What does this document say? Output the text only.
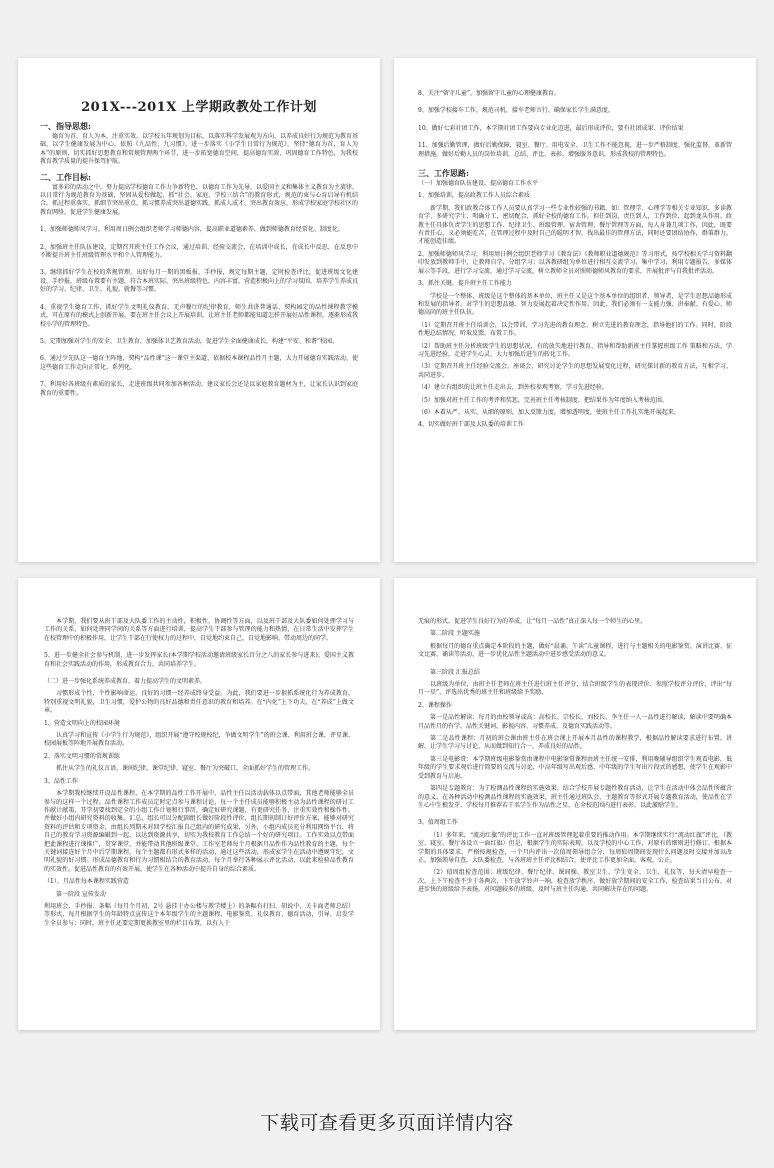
201X---201X 上学期政教处工作计划
一、指导思想:

德育为首，育人为本，注重实效。以学校五年规划为目标，以落实科学发展观为方向，以养成良好行为规范为教育基础，以学生健康发展为中心，依照《九品性、九习惯》，进一步落实《小学生日常行为规范》，坚持“德育为首，育人为本”的原则，切实抓好思想教育和常规管理两个环节，进一步拓宽德育空间，提高德育实效，巩固德育工作特色，为我校教育教学质量的提升保驾护航。

二、工作目标:

富多彩的活动之中，努力提高学校德育工作力争新特色，以德育工作为先导，以爱国主义和集体主义教育为主旋律，以日常行为规范教育为基础，坚固从爱校做起，抓“社会、家庭、学校三结合”的教育形式，规范的束与心育启导有机结合。抓过程重落实，抓细节突出重点，抓习惯养成突出道德实践，抓成人成才，突出教育效应，形成学校家庭学校社区的教育网络，促进学生健康发展。

1、加强师德师风学习，利用周日例会组织老师学习师德内容，提高职业道德素养，做到师德教育经常化、制度化。

2、加强班主任队伍建设，定期召开班主任工作会议，通过培训、经验交流会，在培训中成长，在成长中反思，在反思中不断提升班主任班级管理水平和个人管理能力。

3、继续抓好学生在校的常规管理。出好每月一期的黑板报、手抄报，规定每期主题，定时检查评比，促进班级文化建设，手抄报，班级布置要有主题，符合本班实际，突出班级特色，内容丰富，营造积极向上的学习氛围。培养学生养成良好的学习、纪律、卫生、礼貌、就餐等习惯。

4、重视学生德育工作，抓好学生文明礼仪教育、无声餐厅的纪律教育，师生共讲普通话，契构园定的品性课程教学模式，可在原有的模式上创新开展，要在班主任会议上开展培训，让班主任老师都能知道怎样开展好品性课程，逐渐形成我校小学的管理特色。

5、定期加强对学生的安全、卫生教育，加强体卫艺教育活动，促进学生全面健康成长，构建“平安、和谐”校园。

6、通过少先队这一德育主阵地，契构“品性课”这一课堂主渠道，依据校本课程品性月主题，大力开展德育实践活动，使这些德育工作走向正常化、系列化。

7、利用好各班级有素质的家长，走进班级共同参加各种活动，建议家长会还是以家庭教育题材为主，让家长认识到家庭教育的重要性。

8、关注“留守儿童”，加强留守儿童的心理健康教育。

9、加强学校接车工作，规范司机，接车老师言行，确保家长学生满意度。

10、做好七彩社团工作，本学期社团工作要向专业化迈进，最后形成评价，要有社团成果、评价结果

11、加强后勤管理，做好后勤保障，寝室、餐厅、用电安全、卫生工作不能忽视，进一步严格制度，强化监督，革新管理措施，做好后勤人员的岗位培训，总结、评比、表彰，增强服务意识，形成我校的管理特色。

三、工作思路:

（一）加强德育队伍建设，提高德育工作水平

1、加强培训，提高政教工作人员综合素质

新学期，我们政教合体工作人员要认真学习一些专业性较强的书籍，如：管理学、心理学等相关专业知识，多读教育学、多研究学生，明确分工，密切配合，抓好全校的德育工作。担任到岗，责任到人，工作到位，起到龙头作用。政教主任具体负责学生的思想工作、纪律卫生、班级管理、宿舍管理、餐厅管理等方面，每人身兼几项工作，因此，既要有责任心，又必须能吃苦，在管理过程中及时自己的聪明才智，找出最佳的管理方法，同时还要团结协作，群策群力，才能创造佳绩。

2、加强师德师风学习，利用周日例会组织老师学习《教育法》《教师职业道德规范》等习形式，按学校相关学习资料翻印发放到教师手中，让教师自学，分组学习；以各教研组为单位进行相互交流学习，集中学习，利用专题报告，多媒体展示等手段，进行学习交流，通过学习交流，树立教师全员对照师德师风教育的要求，开展批评与自我批评活动。

3、抓住关键，提升班主任工作能力

学校是一个整体，班级是这个整体的基本单位，班主任又是这个基本单位的组织者、领导者，是学生思想品德形成和发展的指导者。对学生的思想品德、智力发展起着决定性作用，因此，我们必须有一支能力强、讲奉献、有爱心、师德高尚的班主任队伍。

（1）定期召开班主任培训会，以会带训，学习先进的教育理念，树立先进的教育理念，指导他们的工作。同时，阶段性地总结情况，听取反馈，布置工作。

（2）帮助班主任分析班级学生的思想状况，有的放矢地进行教育，指导和帮助新班主任掌握班级工作 策略和方法，学习先进经验，走进学生心灵，大力加强后进生的转化工作。

（3）定期召开班主任经验交流会、座谈会，研究讨论学生的思想发展变化过程，研究探讨新的教育方法，互相学习，共同进步。

（4）建立有组织的让班主任走出去，到外校参观考察，学习先进经验。

（5）加强对班主任工作的考评和奖惩，完善班主任考核制度，把结果作为年度纳入考核范围。

（6）本着从严、从实、从细的原则，加大反馈力度，增加透明度，使班主任工作扎实地开展起来。

4、切实做好班干部及大队委的培训工作

本学期，我们要从班干部及大队委工作的主动性，积极性，协调性等方面，以及班干部及大队委如何处理学习与工作的关系，如何处理同学间的关系等方面进行培训，提高学生干部参与管理的能力和热情，在日常生活中发挥学生在校管理中的积极作用，让学生干部在行使权力的过程中，自觉地约束自己，自觉地影响、带动周边的同学。

5、进一步健全社会参与机制，进一步发挥家长(本学期学校活动邀请班级家长百分之八的家长参与进来)、爱国主义教育和社会实践活动的作用，形成教育合力，共同培养学生。

（二）进一步强化系统养成教育，着力提高学生的文明素养。

习惯形成个性，个性影响命运。良好的习惯一经养成终身受益。为此，我们要进一步狠抓系统化行为养成教育，特别重视文明礼貌，卫生习惯，爱护公物的良好品德和责任意识的教育和培养。在“内化”上下功夫，在“养成”上做文章。

1、营造文明向上的校园环境

认真学习和宣传《小学生行为规范》，组织开展“遵守校规校纪，争做文明学生”的班会课，利用班会课，评星课、校园展板等阵地开展教育活动。

2、落实文明习惯的常规训练

抓住从学生的礼仪言语，课间纪律，课堂纪律，寝室，餐厅为突破口，全面抓好学生的管理工作。

3、品性工作

本学期我校继续开设品性课程，在本学期的品性工作开展中，品性主任以活动载体以点带面，其他老师能够全员参与的这样一个过程。品性课程工作成员定时定点参与课程讨论，每一个主任成员能够积极主动为品性课程的研讨工作献计献策，开学初要找到定全的小组工作计划和行事历，确定好研究课题，有更研究任务，注重实效性和操作性，并做好小组内研究资料的收集，汇总，组长可以分配副组长做好阶段性评价，组长期初制订好评价方案，能够对研究资料的评估和专项资金，由组长列期末对回学校汇报自己组内的研究成果，另外，小组内成员充分利用网络平台，将自己的教育学习资源编辑到一起，以达到资源共享，切实为我校教育工作总结一个好的研究项目。工作实效以点带面把此课程进行课推广，贯穿课堂，并能带动其他班级课堂。工作室老师每个月根据月品性作为品性教育的主题，每个关键词接连好个月中后学期课程，每个主题都有形式多样的活动，通过这些活动，形成家学生在活动中遵规守纪，文明礼貌的好习惯。形成品德教育和行为习惯相结合的教育活动，每个月举行各种展示评比活动，以此来检验品性教育的实效性，促进品性教育的有效开展，使学生在各种活动中提升自身的综合素质。

（1）、月品性每本课程实践营造

第一阶段 宣传发动

利用班会、手抄报、条幅（每月个月初、2号 悬挂于办公楼与教学楼上）的条幅有打扫、胡说中，关卡面老师总结）等形式，每月根据学生的年龄特点宣传这个本年级学生的主题课程、电影鉴赏、礼仪教育、德育活动，引导、启发学生全员参与；同时，班主任还要定期更换教室里的栏目布置，以有人于

无痕的形式，促进学生良好行为的养成，让“每月一品性”真正深入每一个师生的心里。

第二阶段 主题实施

根据每月的德育重点确定本阶段的主题，做好“晨诵、午读”儿童课程，进行与主题相关的电影鉴赏、演讲比赛、征文比赛、诵读等活动，进一步优化品性主题活动中进步感受活动的意义。

第三阶段 汇报总结

以班级为单位，由班主任老师在班主任进行班主任评分，结合班级学生的表现评价、参照学校评分评价，评出“每月一星”，评选出优秀的班主任和班级给予奖励。

2、课程操作

第一是品性解读：每月的由校领导或高：高校长、宗校长、刘校长、李主任一人一品性进行解读，解读中要明确本月品性月的有学、品性关键词，影视内容、习惯养成、及德育实践活动等。

第二是品性课程：月初的班会课由班主任在班会课上开展本月品性的课程教学，根据品性解读要求进行布置。讲解，让学生学习与讨论，从而做到知行合一，养成良好的品性。

第三是电影赏：本学期班级电影鉴赏由课程中电影鉴赏课程由班主任统一安排，利用晚辅导组织学生观看电影，低年级的学生要求观后进行简要的交流与讨论，中高年级写出观后感，中年级的学生写出片段式的感想，使学生在观影中受到教育与启迪。

第四是专题教育：为了检测品性课程的实施效果，结合学校开展专题性教育活动，让学生在活动中体会品性所蕴含的意义，在各种活动中检测品性课程的实施效果，班主任通过班队会、主题教育等形式开展专题教育活动，使品性在学生心中生根发芽。学校每月推荐若干名学生作为品性之星，在全校范围内进行表彰，以此激励学生。

3、值周组工作

（1）多年来，“流动红旗”的评比工作一直对班级管理起着重要的推动作用。本学期继续实行“流动红旗”评比，（教室、寝室、餐厅各设立一面红旗）但是，根据学生的实际表现，以及学校的中心工作，对原有的细则进行修订。根据本学期的具体要求，严格按规检查，一个月内评出一次值周领导组合分，每周值周期间发现什么问题及时交接并加以改正，加强领导自查，大队委检查，与各班班主任评比相结合，使评比工作更加全面，客观，公正。

（2）值周组检查范围：班级纪律、餐厅纪律、课间操、教室卫生、学生安全、卫生、礼仪等，每天清早检查一次，上下午检查不少于各两次，下午放学铃声一响，检查放学秩序，做好放学期间的安全工作，检查结果当日公布，对进步快的班级给予表扬，对问题较多的班级，及时与班主任沟通，共同解决存在的问题。

下载可查看更多页面详情内容
